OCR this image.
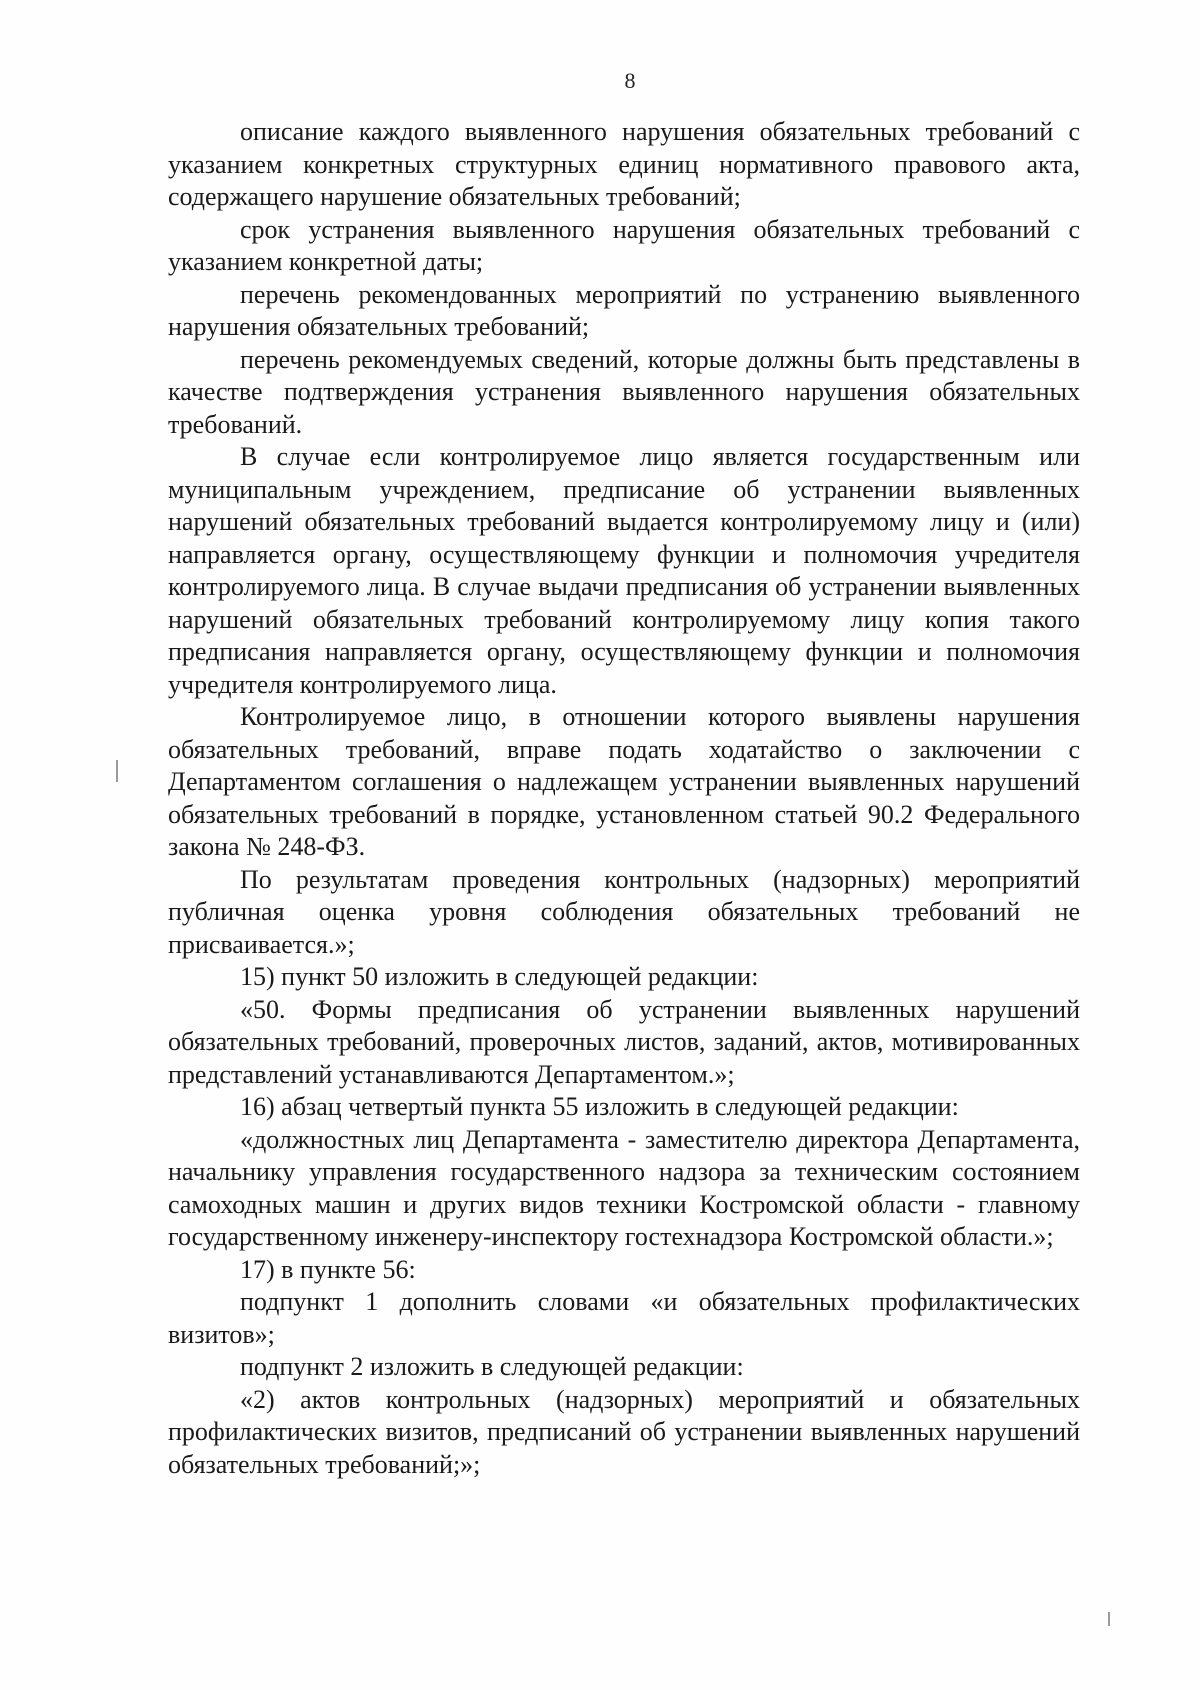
8

описание каждого выявленного нарушения обязательных требований с указанием конкретных структурных единиц нормативного правового акта, содержащего нарушение обязательных требований;

срок устранения выявленного нарушения обязательных требований с указанием конкретной даты;

перечень рекомендованных мероприятий по устранению выявленного нарушения обязательных требований;

перечень рекомендуемых сведений, которые должны быть представлены в качестве подтверждения устранения выявленного нарушения обязательных требований.

В случае если контролируемое лицо является государственным или муниципальным учреждением, предписание об устранении выявленных нарушений обязательных требований выдается контролируемому лицу и (или) направляется органу, осуществляющему функции и полномочия учредителя контролируемого лица. В случае выдачи предписания об устранении выявленных нарушений обязательных требований контролируемому лицу копия такого предписания направляется органу, осуществляющему функции и полномочия учредителя контролируемого лица.

Контролируемое лицо, в отношении которого выявлены нарушения обязательных требований, вправе подать ходатайство о заключении с Департаментом соглашения о надлежащем устранении выявленных нарушений обязательных требований в порядке, установленном статьей 90.2 Федерального закона № 248-ФЗ.

По результатам проведения контрольных (надзорных) мероприятий публичная оценка уровня соблюдения обязательных требований не присваивается.»;

15) пункт 50 изложить в следующей редакции:

«50. Формы предписания об устранении выявленных нарушений обязательных требований, проверочных листов, заданий, актов, мотивированных представлений устанавливаются Департаментом.»;

16) абзац четвертый пункта 55 изложить в следующей редакции:

«должностных лиц Департамента - заместителю директора Департамента, начальнику управления государственного надзора за техническим состоянием самоходных машин и других видов техники Костромской области - главному государственному инженеру-инспектору гостехнадзора Костромской области.»;

17) в пункте 56:

подпункт 1 дополнить словами «и обязательных профилактических визитов»;

подпункт 2 изложить в следующей редакции:

«2) актов контрольных (надзорных) мероприятий и обязательных профилактических визитов, предписаний об устранении выявленных нарушений обязательных требований;»;
